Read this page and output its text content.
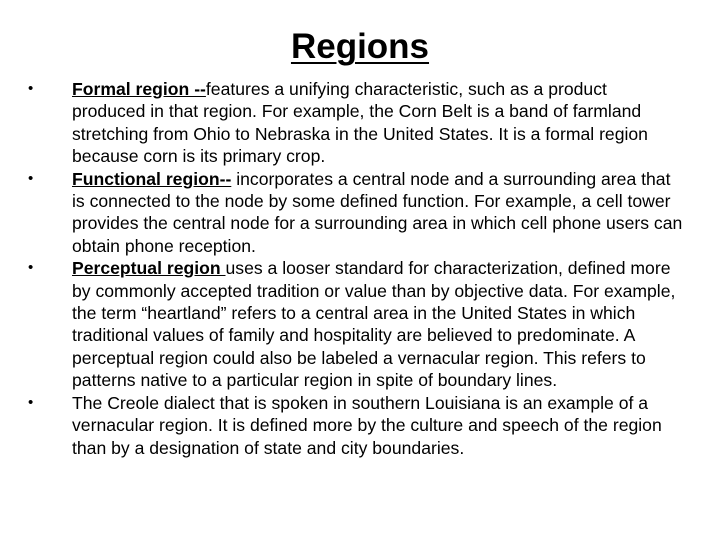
Regions
•	Formal region --features a unifying characteristic, such as a product produced in that region. For example, the Corn Belt is a band of farmland stretching from Ohio to Nebraska in the United States. It is a formal region because corn is its primary crop.
•	Functional region-- incorporates a central node and a surrounding area that is connected to the node by some defined function. For example, a cell tower provides the central node for a surrounding area in which cell phone users can obtain phone reception.
•	Perceptual region uses a looser standard for characterization, defined more by commonly accepted tradition or value than by objective data. For example, the term “heartland” refers to a central area in the United States in which traditional values of family and hospitality are believed to predominate. A perceptual region could also be labeled a vernacular region. This refers to patterns native to a particular region in spite of boundary lines.
•	The Creole dialect that is spoken in southern Louisiana is an example of a vernacular region. It is defined more by the culture and speech of the region than by a designation of state and city boundaries.
